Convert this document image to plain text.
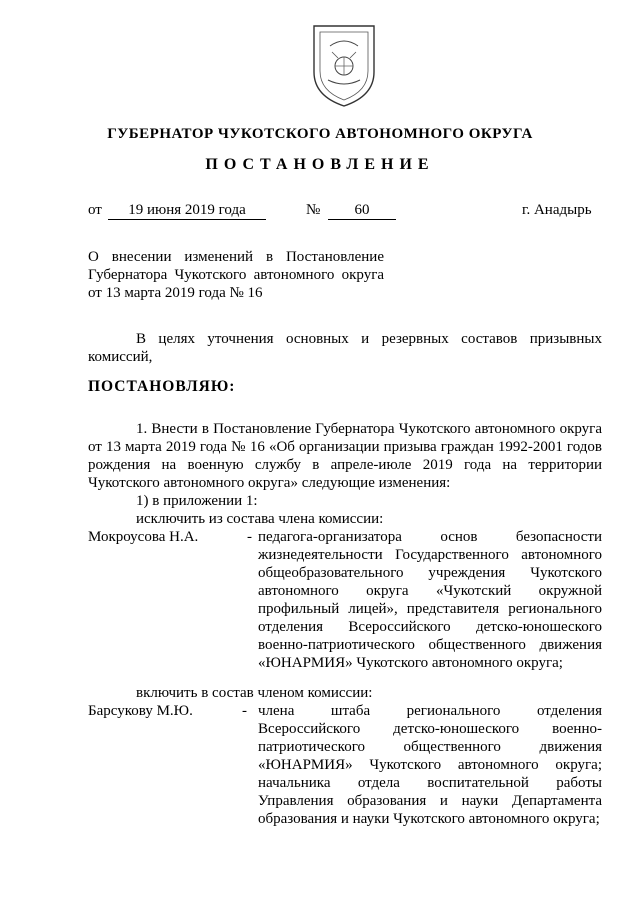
ГУБЕРНАТОР ЧУКОТСКОГО АВТОНОМНОГО ОКРУГА
ПОСТАНОВЛЕНИЕ
от	19 июня 2019 года	№	60	г. Анадырь
О внесении изменений в Постановление Губернатора Чукотского автономного округа от 13 марта 2019 года № 16
В целях уточнения основных и резервных составов призывных комиссий,
ПОСТАНОВЛЯЮ:
1. Внести в Постановление Губернатора Чукотского автономного округа от 13 марта 2019 года № 16 «Об организации призыва граждан 1992-2001 годов рождения на военную службу в апреле-июле 2019 года на территории Чукотского автономного округа» следующие изменения:
1) в приложении 1:
исключить из состава члена комиссии:
Мокроусова Н.А.	- педагога-организатора основ безопасности жизнедеятельности Государственного автономного общеобразовательного учреждения Чукотского автономного округа «Чукотский окружной профильный лицей», представителя регионального отделения Всероссийского детско-юношеского военно-патриотического общественного движения «ЮНАРМИЯ» Чукотского автономного округа;
включить в состав членом комиссии:
Барсукову М.Ю.	- члена штаба регионального отделения Всероссийского детско-юношеского военно-патриотического общественного движения «ЮНАРМИЯ» Чукотского автономного округа; начальника отдела воспитательной работы Управления образования и науки Департамента образования и науки Чукотского автономного округа;
